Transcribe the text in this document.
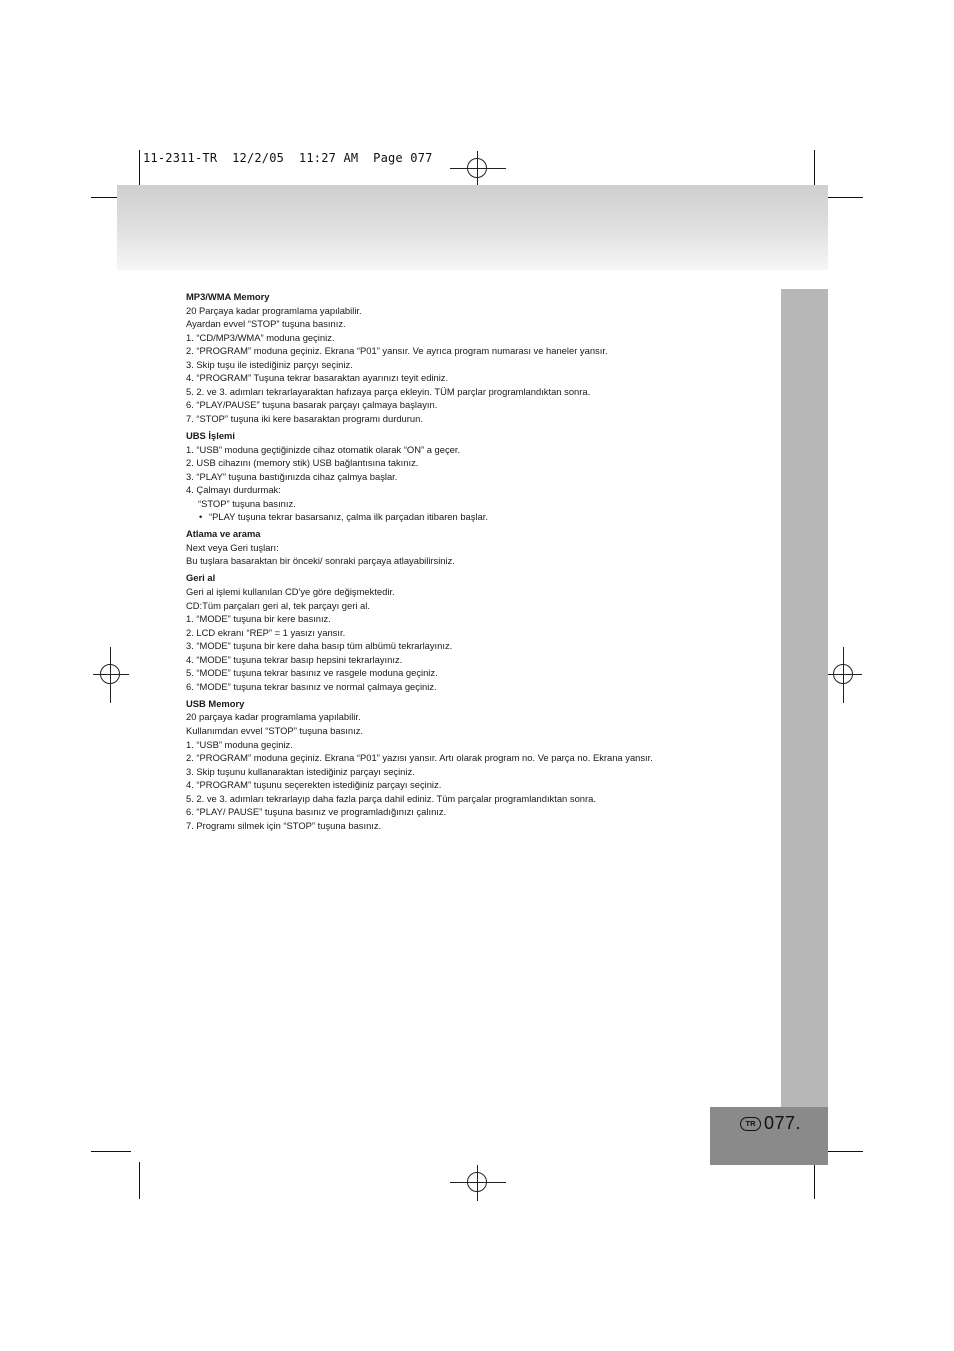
11-2311-TR  12/2/05  11:27 AM  Page 077
TR 077.
MP3/WMA Memory

20 Parçaya kadar programlama yapılabilir.

Ayardan evvel “STOP” tuşuna basınız.

1. “CD/MP3/WMA” moduna geçiniz.

2. “PROGRAM” moduna geçiniz. Ekrana “P01” yansır. Ve ayrıca program numarası ve haneler yansır.

3. Skip tuşu ile istediğiniz parçyı seçiniz.

4. “PROGRAM” Tuşuna tekrar basaraktan ayarınızı teyit ediniz.

5. 2. ve 3. adımları tekrarlayaraktan hafızaya parça ekleyin. TÜM parçlar programlandıktan sonra.

6. “PLAY/PAUSE” tuşuna basarak parçayı çalmaya başlayın.

7. “STOP” tuşuna iki kere basaraktan programı durdurun.

UBS İşlemi

1. “USB” moduna geçtiğinizde cihaz otomatik olarak “ON” a geçer.

2. USB cihazını (memory stik) USB bağlantısına takınız.

3. “PLAY” tuşuna bastığınızda cihaz çalmya başlar.

4. Çalmayı durdurmak:

“STOP” tuşuna basınız.

• “PLAY tuşuna tekrar basarsanız, çalma ilk parçadan itibaren başlar.

Atlama ve arama

Next veya Geri tuşları:

Bu tuşlara basaraktan bir önceki/ sonraki parçaya atlayabilirsiniz.

Geri al

Geri al işlemi kullanılan CD'ye göre değişmektedir.

CD:Tüm parçaları geri al, tek parçayı geri al.

1. “MODE” tuşuna bir kere basınız.

2. LCD ekranı “REP” = 1 yasızı yansır.

3. “MODE” tuşuna bir kere daha basıp tüm albümü tekrarlayınız.

4. “MODE” tuşuna tekrar basıp hepsini tekrarlayınız.

5. “MODE” tuşuna tekrar basınız ve rasgele moduna geçiniz.

6. “MODE” tuşuna tekrar basınız ve normal çalmaya geçiniz.

USB Memory

20 parçaya kadar programlama yapılabilir.

Kullanımdan evvel “STOP” tuşuna basınız.

1. “USB” moduna geçiniz.

2. “PROGRAM” moduna geçiniz. Ekrana “P01” yazısı yansır. Artı olarak program no. Ve parça no. Ekrana yansır.

3. Skip tuşunu kullanaraktan istediğiniz parçayı seçiniz.

4. “PROGRAM” tuşunu seçerekten istediğiniz parçayı seçiniz.

5. 2. ve 3. adımları tekrarlayıp daha fazla parça dahil ediniz. Tüm parçalar programlandıktan sonra.

6. “PLAY/ PAUSE” tuşuna basınız ve programladığınızı çalınız.

7. Programı silmek için “STOP” tuşuna basınız.
